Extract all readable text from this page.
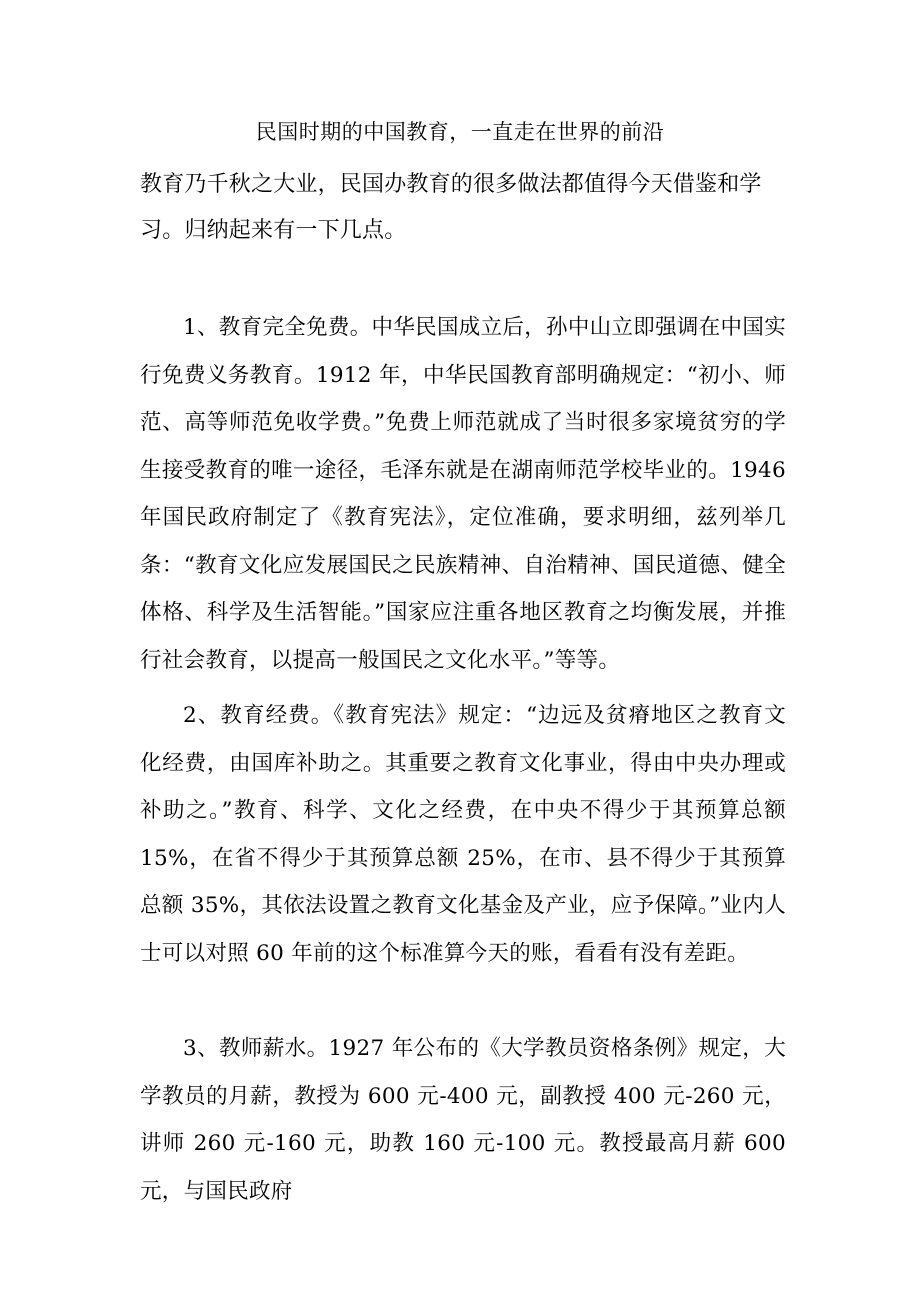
民国时期的中国教育，一直走在世界的前沿
教育乃千秋之大业，民国办教育的很多做法都值得今天借鉴和学习。归纳起来有一下几点。
1、教育完全免费。中华民国成立后，孙中山立即强调在中国实行免费义务教育。1912 年，中华民国教育部明确规定：“初小、师范、高等师范免收学费。”免费上师范就成了当时很多家境贫穷的学生接受教育的唯一途径，毛泽东就是在湖南师范学校毕业的。1946 年国民政府制定了《教育宪法》，定位准确，要求明细，兹列举几条：“教育文化应发展国民之民族精神、自治精神、国民道德、健全体格、科学及生活智能。”国家应注重各地区教育之均衡发展，并推行社会教育，以提高一般国民之文化水平。”等等。
2、教育经费。《教育宪法》规定：“边远及贫瘠地区之教育文化经费，由国库补助之。其重要之教育文化事业，得由中央办理或补助之。”教育、科学、文化之经费，在中央不得少于其预算总额 15%，在省不得少于其预算总额 25%，在市、县不得少于其预算总额 35%，其依法设置之教育文化基金及产业，应予保障。”业内人士可以对照 60 年前的这个标准算今天的账，看看有没有差距。
3、教师薪水。1927 年公布的《大学教员资格条例》规定，大学教员的月薪，教授为 600 元-400 元，副教授 400 元-260 元，讲师 260 元-160 元，助教 160 元-100 元。教授最高月薪 600 元，与国民政府
